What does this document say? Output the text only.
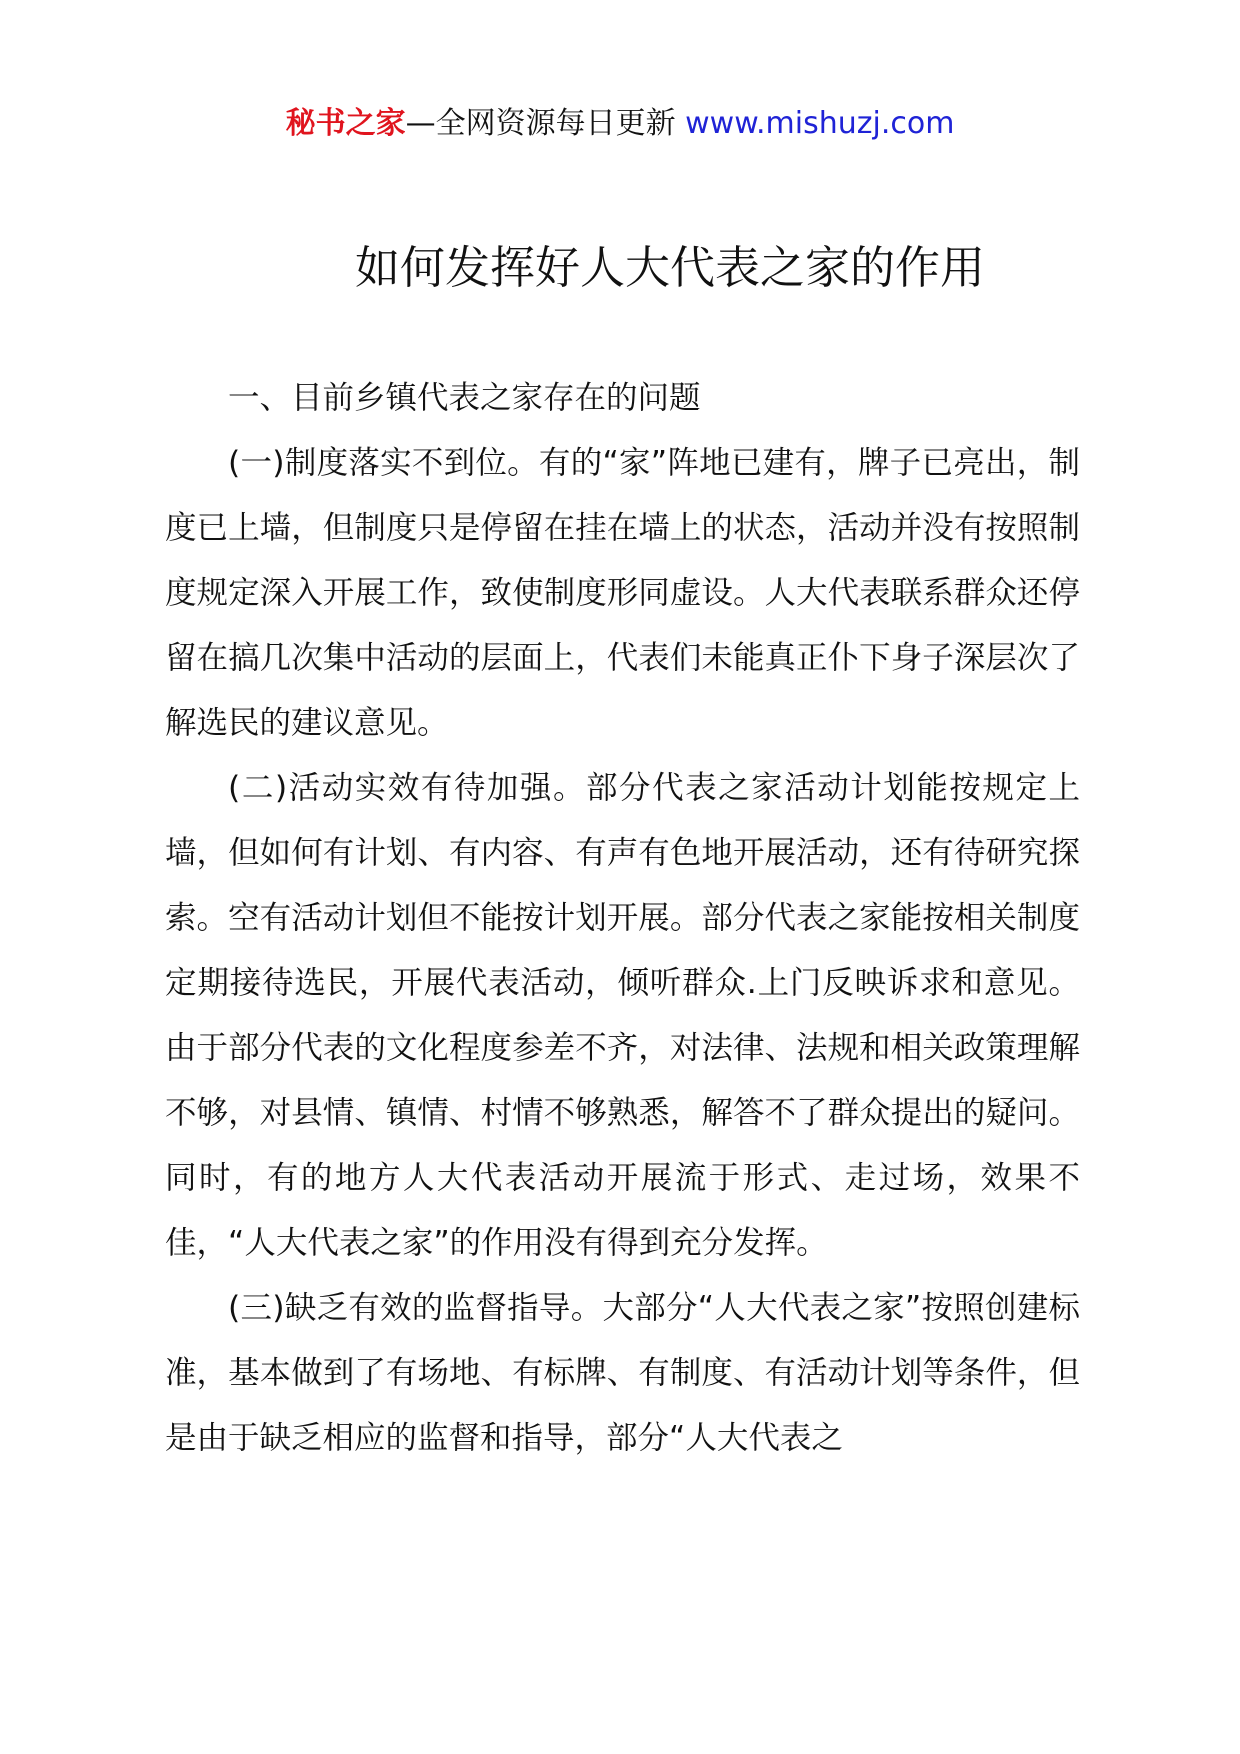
秘书之家—全网资源每日更新 www.mishuzj.com
如何发挥好人大代表之家的作用

一、目前乡镇代表之家存在的问题

(一)制度落实不到位。有的“家”阵地已建有，牌子已亮出，制度已上墙，但制度只是停留在挂在墙上的状态，活动并没有按照制度规定深入开展工作，致使制度形同虚设。人大代表联系群众还停留在搞几次集中活动的层面上，代表们未能真正仆下身子深层次了解选民的建议意见。

(二)活动实效有待加强。部分代表之家活动计划能按规定上墙，但如何有计划、有内容、有声有色地开展活动，还有待研究探索。空有活动计划但不能按计划开展。部分代表之家能按相关制度定期接待选民，开展代表活动，倾听群众.上门反映诉求和意见。由于部分代表的文化程度参差不齐，对法律、法规和相关政策理解不够，对县情、镇情、村情不够熟悉，解答不了群众提出的疑问。同时，有的地方人大代表活动开展流于形式、走过场，效果不佳，“人大代表之家”的作用没有得到充分发挥。

(三)缺乏有效的监督指导。大部分“人大代表之家”按照创建标准，基本做到了有场地、有标牌、有制度、有活动计划等条件，但是由于缺乏相应的监督和指导，部分“人大代表之
